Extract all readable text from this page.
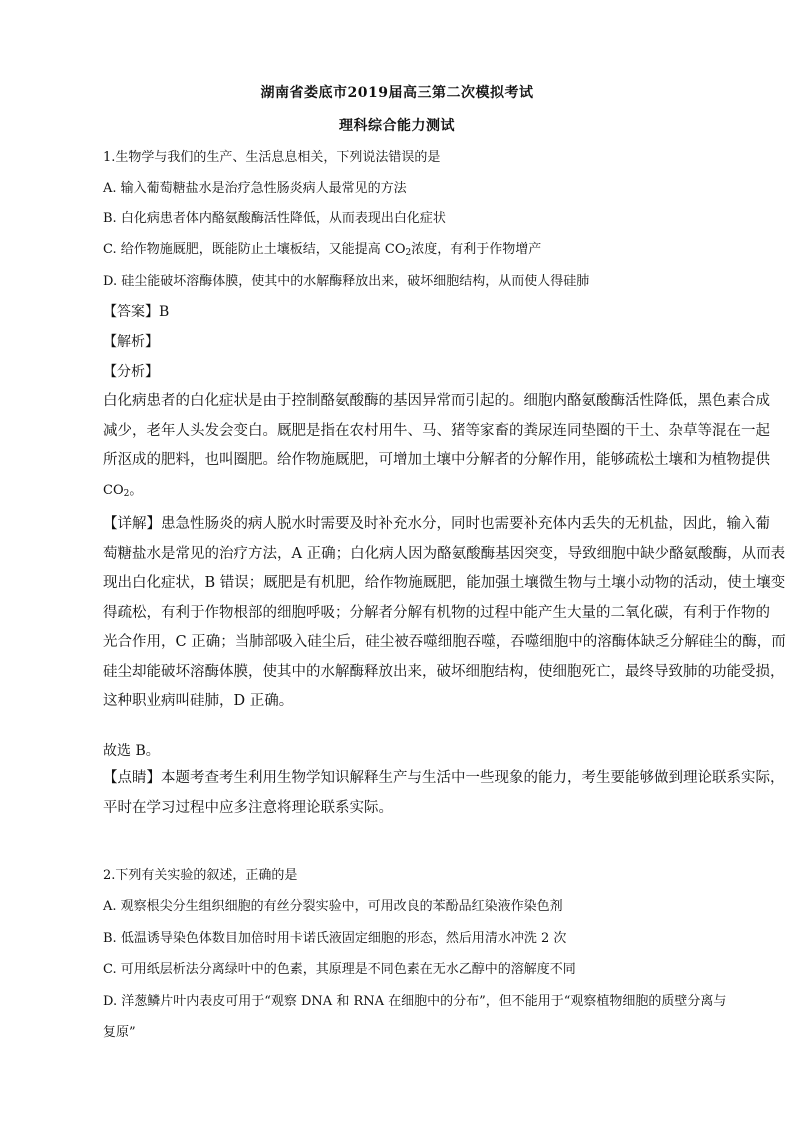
湖南省娄底市2019届高三第二次模拟考试
理科综合能力测试
1.生物学与我们的生产、生活息息相关，下列说法错误的是
A. 输入葡萄糖盐水是治疗急性肠炎病人最常见的方法
B. 白化病患者体内酪氨酸酶活性降低，从而表现出白化症状
C. 给作物施厩肥，既能防止土壤板结，又能提高 $CO_2$浓度，有利于作物增产
D. 硅尘能破坏溶酶体膜，使其中的水解酶释放出来，破坏细胞结构，从而使人得硅肺
【答案】B
【解析】
【分析】
白化病患者的白化症状是由于控制酪氨酸酶的基因异常而引起的。细胞内酪氨酸酶活性降低，黑色素合成
减少，老年人头发会变白。厩肥是指在农村用牛、马、猪等家畜的粪尿连同垫圈的干土、杂草等混在一起
所沤成的肥料，也叫圈肥。给作物施厩肥，可增加土壤中分解者的分解作用，能够疏松土壤和为植物提供
$CO_2$。
【详解】患急性肠炎的病人脱水时需要及时补充水分，同时也需要补充体内丢失的无机盐，因此，输入葡
萄糖盐水是常见的治疗方法，A 正确；白化病人因为酪氨酸酶基因突变，导致细胞中缺少酪氨酸酶，从而表
现出白化症状，B 错误；厩肥是有机肥，给作物施厩肥，能加强土壤微生物与土壤小动物的活动，使土壤变
得疏松，有利于作物根部的细胞呼吸；分解者分解有机物的过程中能产生大量的二氧化碳，有利于作物的
光合作用，C 正确；当肺部吸入硅尘后，硅尘被吞噬细胞吞噬，吞噬细胞中的溶酶体缺乏分解硅尘的酶，而
硅尘却能破坏溶酶体膜，使其中的水解酶释放出来，破坏细胞结构，使细胞死亡，最终导致肺的功能受损，
这种职业病叫硅肺，D 正确。
故选 B。
【点睛】本题考查考生利用生物学知识解释生产与生活中一些现象的能力，考生要能够做到理论联系实际，
平时在学习过程中应多注意将理论联系实际。
2.下列有关实验的叙述，正确的是
A. 观察根尖分生组织细胞的有丝分裂实验中，可用改良的苯酚品红染液作染色剂
B. 低温诱导染色体数目加倍时用卡诺氏液固定细胞的形态，然后用清水冲洗 2 次
C. 可用纸层析法分离绿叶中的色素，其原理是不同色素在无水乙醇中的溶解度不同
D. 洋葱鳞片叶内表皮可用于“观察 DNA 和 RNA 在细胞中的分布”，但不能用于“观察植物细胞的质壁分离与
复原”
